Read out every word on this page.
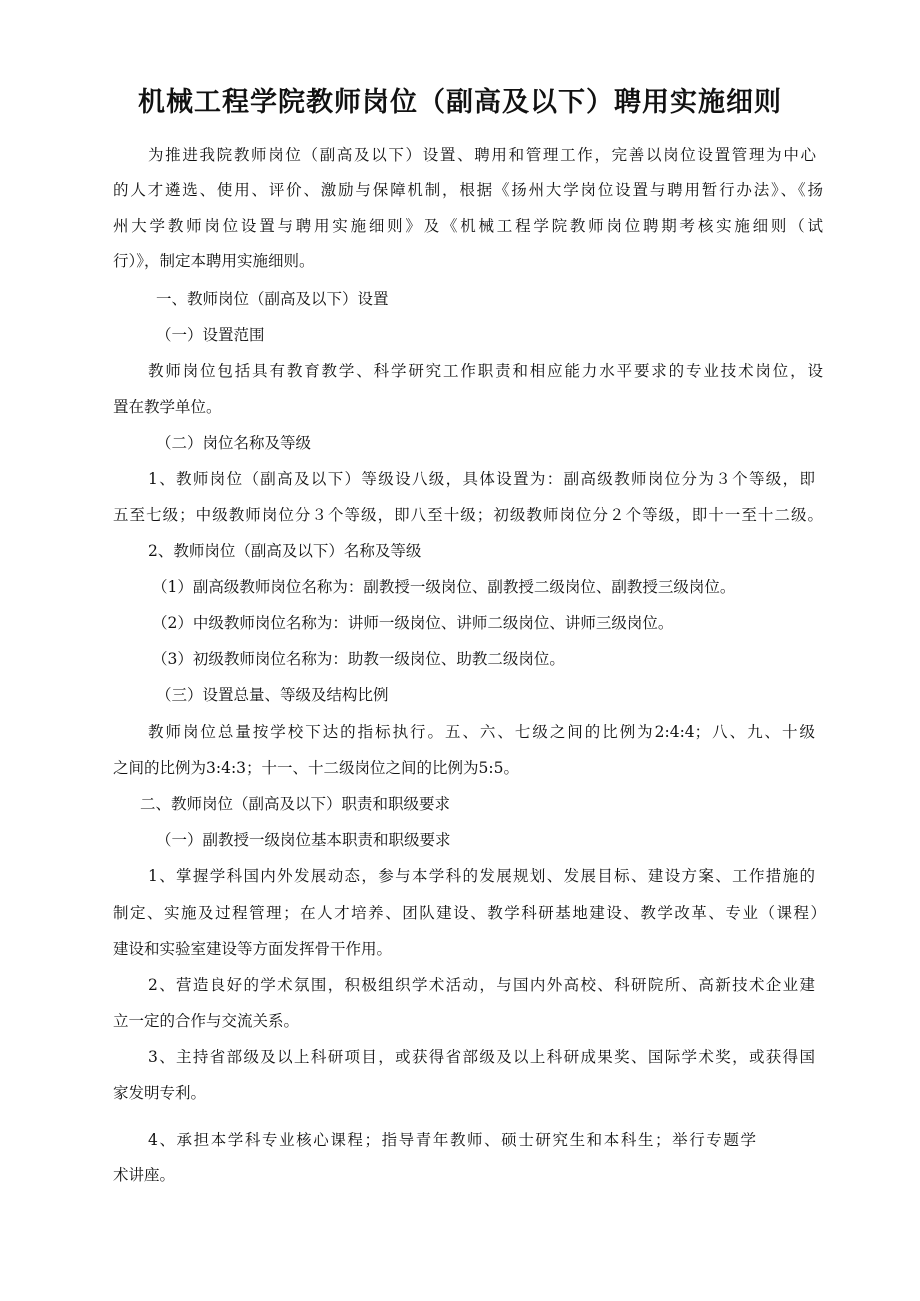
机械工程学院教师岗位（副高及以下）聘用实施细则
为推进我院教师岗位（副高及以下）设置、聘用和管理工作，完善以岗位设置管理为中心
的人才遴选、使用、评价、激励与保障机制，根据《扬州大学岗位设置与聘用暂行办法》、《扬
州大学教师岗位设置与聘用实施细则》及《机械工程学院教师岗位聘期考核实施细则（试
行）》，制定本聘用实施细则。
一、教师岗位（副高及以下）设置
（一）设置范围
教师岗位包括具有教育教学、科学研究工作职责和相应能力水平要求的专业技术岗位，设
置在教学单位。
（二）岗位名称及等级
1、教师岗位（副高及以下）等级设八级，具体设置为：副高级教师岗位分为３个等级，即
五至七级；中级教师岗位分３个等级，即八至十级；初级教师岗位分２个等级，即十一至十二级。
2、教师岗位（副高及以下）名称及等级
（1）副高级教师岗位名称为：副教授一级岗位、副教授二级岗位、副教授三级岗位。
（2）中级教师岗位名称为：讲师一级岗位、讲师二级岗位、讲师三级岗位。
（3）初级教师岗位名称为：助教一级岗位、助教二级岗位。
（三）设置总量、等级及结构比例
教师岗位总量按学校下达的指标执行。五、六、七级之间的比例为2:4:4；八、九、十级
之间的比例为3:4:3；十一、十二级岗位之间的比例为5:5。
二、教师岗位（副高及以下）职责和职级要求
（一）副教授一级岗位基本职责和职级要求
1、掌握学科国内外发展动态，参与本学科的发展规划、发展目标、建设方案、工作措施的
制定、实施及过程管理；在人才培养、团队建设、教学科研基地建设、教学改革、专业（课程）
建设和实验室建设等方面发挥骨干作用。
2、营造良好的学术氛围，积极组织学术活动，与国内外高校、科研院所、高新技术企业建
立一定的合作与交流关系。
3、主持省部级及以上科研项目，或获得省部级及以上科研成果奖、国际学术奖，或获得国
家发明专利。
4、承担本学科专业核心课程；指导青年教师、硕士研究生和本科生；举行专题学
术讲座。
